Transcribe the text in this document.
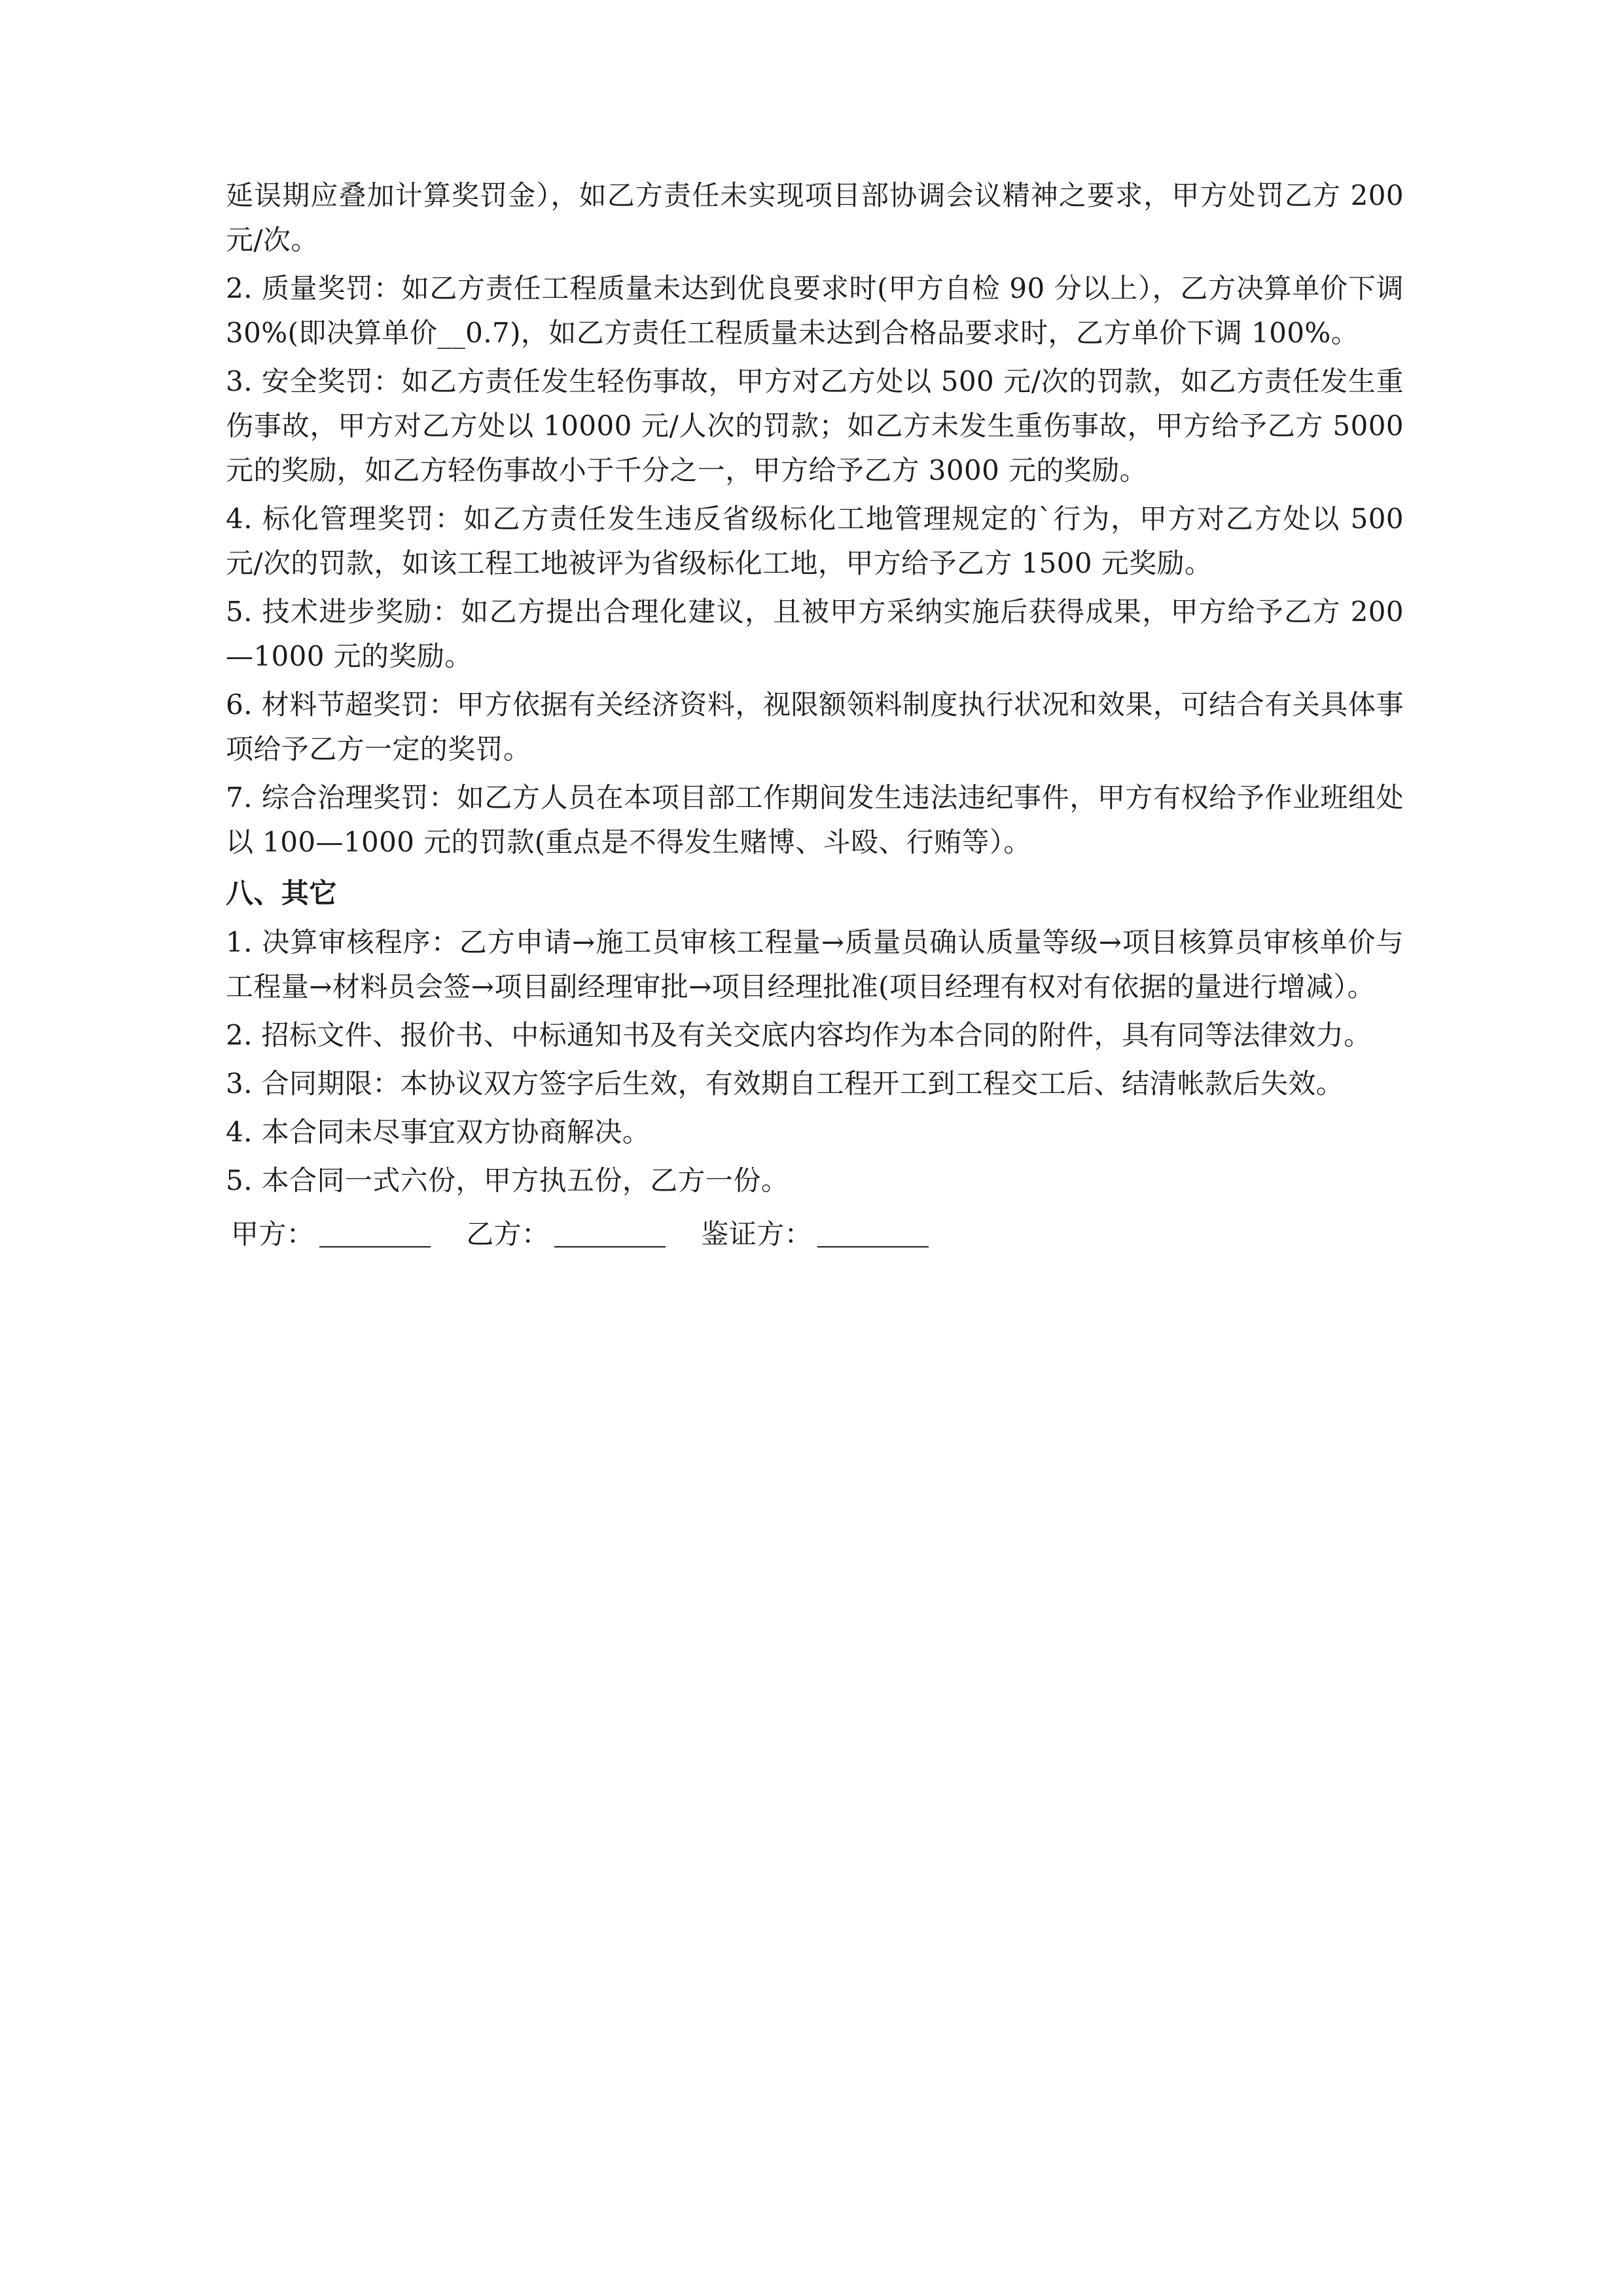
延误期应叠加计算奖罚金），如乙方责任未实现项目部协调会议精神之要求，甲方处罚乙方 200 元/次。

2. 质量奖罚：如乙方责任工程质量未达到优良要求时(甲方自检 90 分以上），乙方决算单价下调 30%(即决算单价__0.7)，如乙方责任工程质量未达到合格品要求时，乙方单价下调 100%。

3. 安全奖罚：如乙方责任发生轻伤事故，甲方对乙方处以 500 元/次的罚款，如乙方责任发生重伤事故，甲方对乙方处以 10000 元/人次的罚款；如乙方未发生重伤事故，甲方给予乙方 5000 元的奖励，如乙方轻伤事故小于千分之一，甲方给予乙方 3000 元的奖励。

4. 标化管理奖罚：如乙方责任发生违反省级标化工地管理规定的`行为，甲方对乙方处以 500 元/次的罚款，如该工程工地被评为省级标化工地，甲方给予乙方 1500 元奖励。

5. 技术进步奖励：如乙方提出合理化建议，且被甲方采纳实施后获得成果，甲方给予乙方 200—1000 元的奖励。

6. 材料节超奖罚：甲方依据有关经济资料，视限额领料制度执行状况和效果，可结合有关具体事项给予乙方一定的奖罚。

7. 综合治理奖罚：如乙方人员在本项目部工作期间发生违法违纪事件，甲方有权给予作业班组处以 100—1000 元的罚款(重点是不得发生赌博、斗殴、行贿等）。

八、其它

1. 决算审核程序：乙方申请→施工员审核工程量→质量员确认质量等级→项目核算员审核单价与工程量→材料员会签→项目副经理审批→项目经理批准(项目经理有权对有依据的量进行增减）。

2. 招标文件、报价书、中标通知书及有关交底内容均作为本合同的附件，具有同等法律效力。

3. 合同期限：本协议双方签字后生效，有效期自工程开工到工程交工后、结清帐款后失效。

4. 本合同未尽事宜双方协商解决。

5. 本合同一式六份，甲方执五份，乙方一份。

甲方：	乙方：	鉴证方：
